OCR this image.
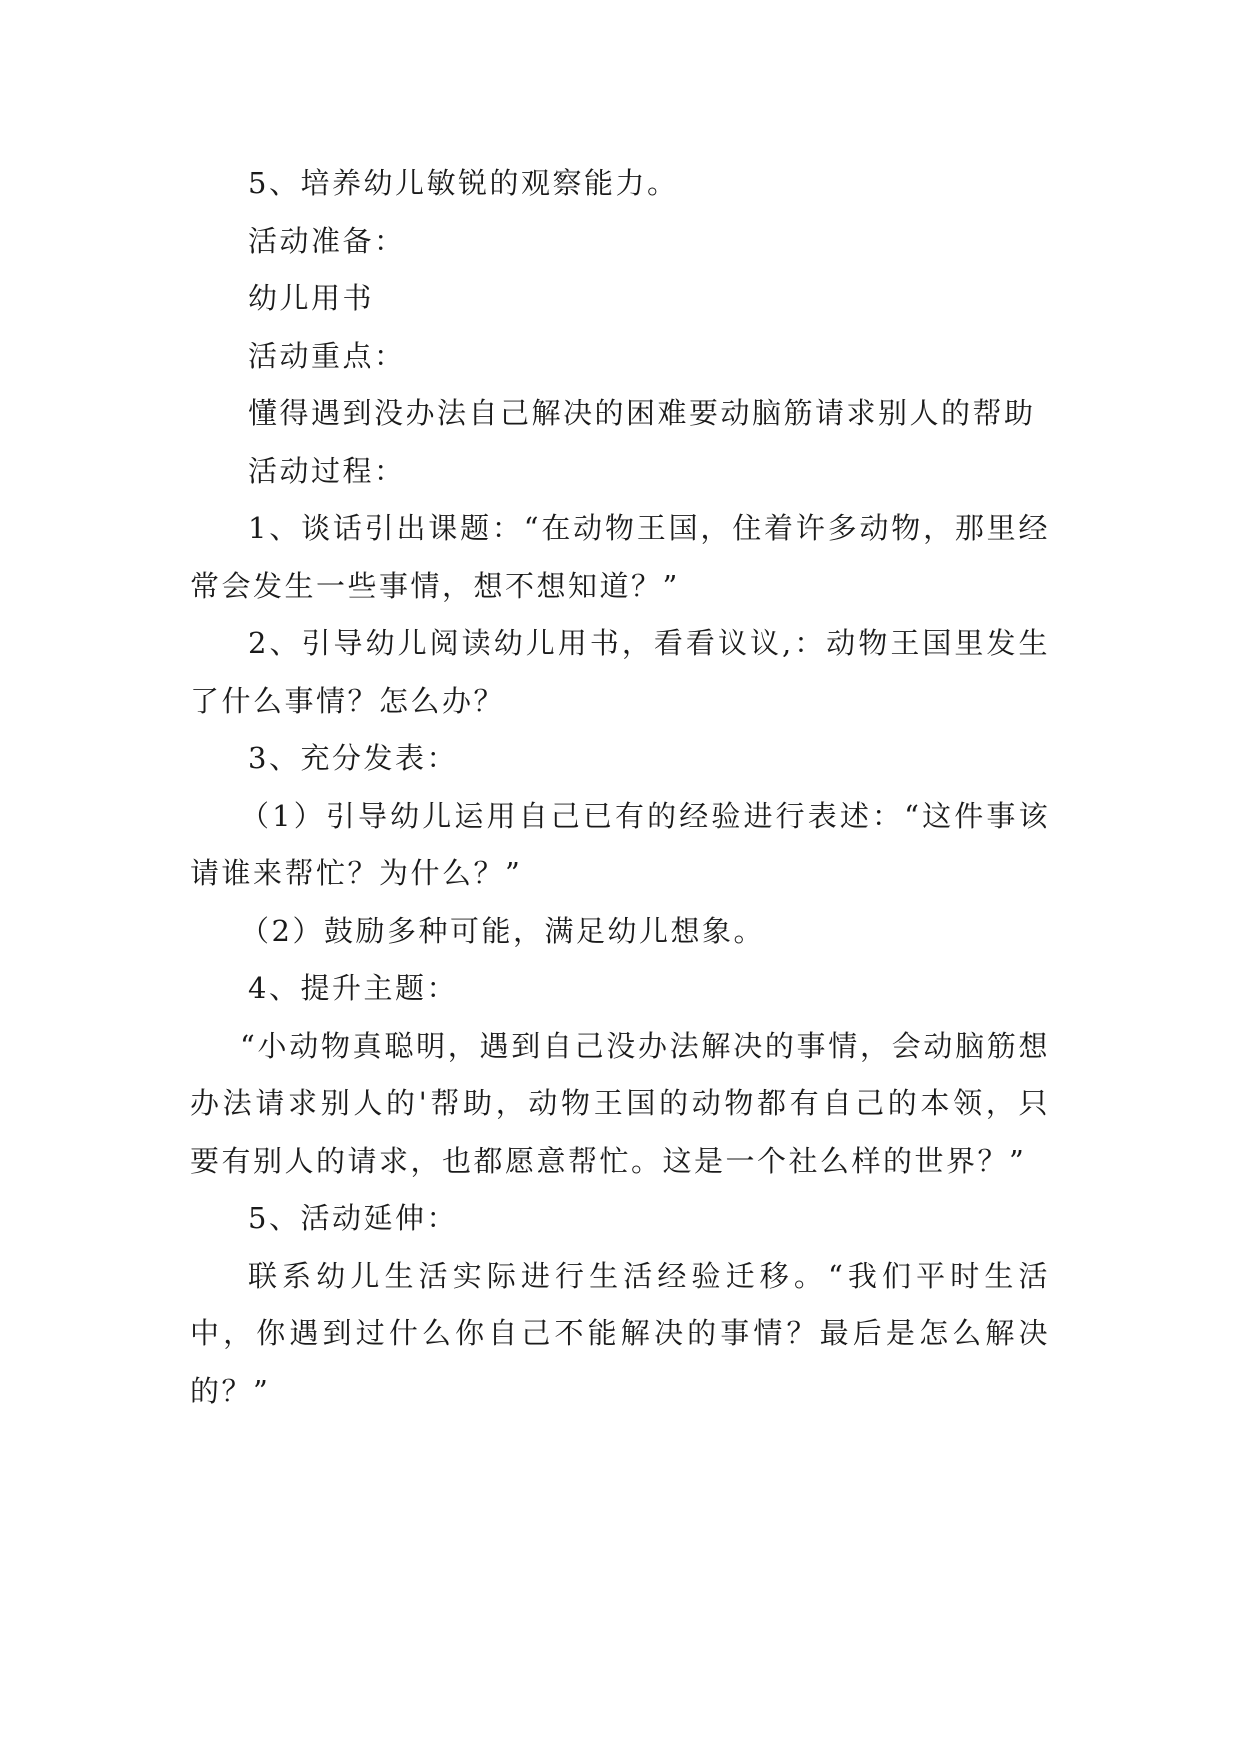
5、培养幼儿敏锐的观察能力。

活动准备：

幼儿用书

活动重点：

懂得遇到没办法自己解决的困难要动脑筋请求别人的帮助

活动过程：

1、谈话引出课题：“在动物王国，住着许多动物，那里经常会发生一些事情，想不想知道？”

2、引导幼儿阅读幼儿用书，看看议议,：动物王国里发生了什么事情？怎么办？

3、充分发表：

（1）引导幼儿运用自己已有的经验进行表述：“这件事该请谁来帮忙？为什么？”

（2）鼓励多种可能，满足幼儿想象。

4、提升主题：

“小动物真聪明，遇到自己没办法解决的事情，会动脑筋想办法请求别人的'帮助，动物王国的动物都有自己的本领，只要有别人的请求，也都愿意帮忙。这是一个社么样的世界？”

5、活动延伸：

联系幼儿生活实际进行生活经验迁移。“我们平时生活中，你遇到过什么你自己不能解决的事情？最后是怎么解决的？”
